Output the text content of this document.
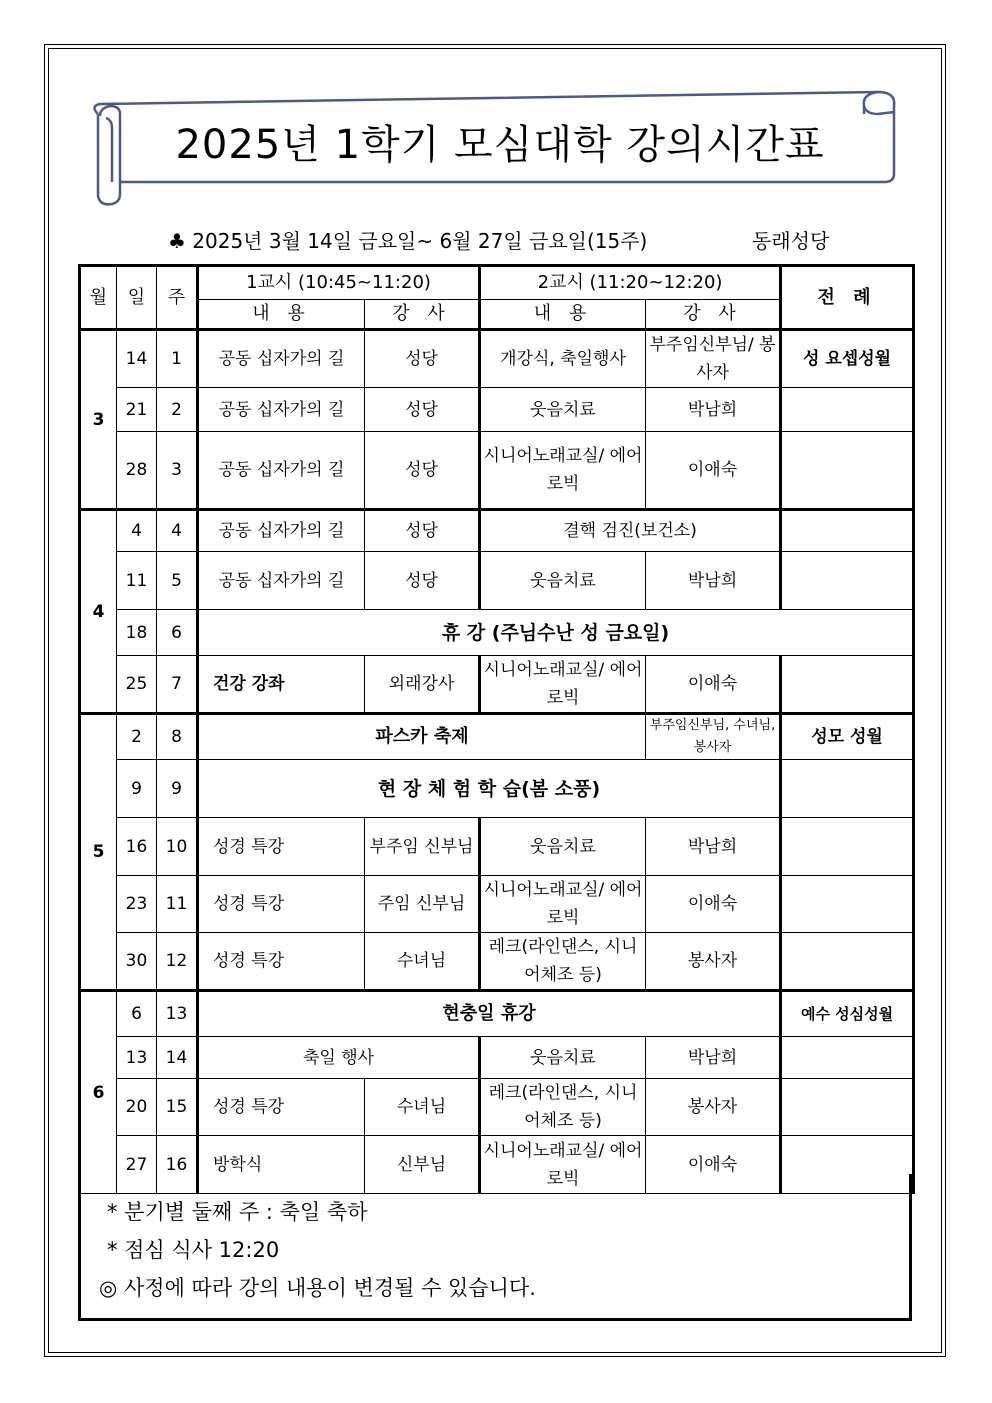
2025년 1학기 모심대학 강의시간표
♣ 2025년 3월 14일 금요일~ 6월 27일 금요일(15주)	동래성당
월	일	주	1교시 (10:45~11:20)		2교시 (11:20~12:20)		전 례
			내 용	강 사	내 용	강 사	
3	14	1	공동 십자가의 길	성당	개강식, 축일행사	부주임신부님/ 봉사자	성 요셉성월
	21	2	공동 십자가의 길	성당	웃음치료	박남희	
	28	3	공동 십자가의 길	성당	시니어노래교실/ 에어로빅	이애숙	
4	4	4	공동 십자가의 길	성당	결핵 검진(보건소)		
	11	5	공동 십자가의 길	성당	웃음치료	박남희	
	18	6	휴 강 (주님수난 성 금요일)				
	25	7	건강 강좌	외래강사	시니어노래교실/ 에어로빅	이애숙	
5	2	8	파스카 축제			부주임신부님, 수녀님,봉사자	성모 성월
	9	9	현 장 체 험 학 습(봄 소풍)				
	16	10	성경 특강	부주임 신부님	웃음치료	박남희	
	23	11	성경 특강	주임 신부님	시니어노래교실/ 에어로빅	이애숙	
	30	12	성경 특강	수녀님	레크(라인댄스, 시니어체조 등)	봉사자	
6	6	13	현충일 휴강				예수 성심성월
	13	14	축일 행사		웃음치료	박남희	
	20	15	성경 특강	수녀님	레크(라인댄스, 시니어체조 등)	봉사자	
	27	16	방학식	신부님	시니어노래교실/ 에어로빅	이애숙	
* 분기별 둘째 주 : 축일 축하
* 점심 식사 12:20
◎ 사정에 따라 강의 내용이 변경될 수 있습니다.
